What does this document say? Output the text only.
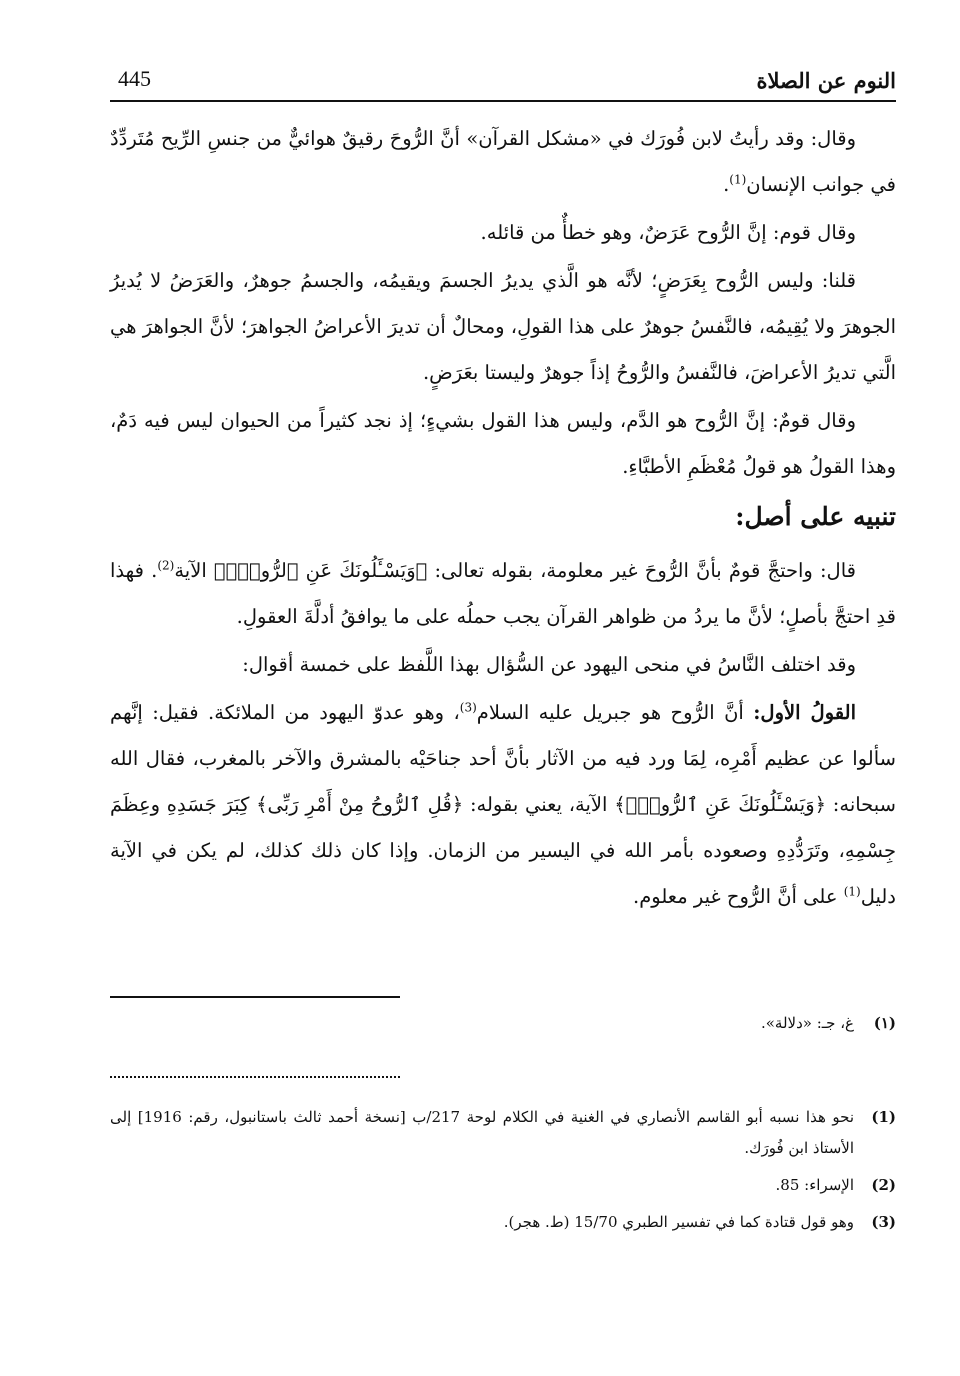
النوم عن الصلاة
445

وقال: وقد رأيتُ لابن فُورَك في «مشكل القرآن» أنَّ الرُّوحَ رقيقٌ هوائيٌّ من جنسِ الرِّيح مُتَردِّدٌ في جوانب الإنسان$^{(1)}$.

وقال قوم: إنَّ الرُّوح عَرَضٌ، وهو خطأٌ من قائله.

قلنا: وليس الرُّوح بِعَرَضٍ؛ لأنَّه هو الَّذي يديرُ الجسمَ ويقيمُه، والجسمُ جوهرٌ، والعَرَضُ لا يُديرُ الجوهرَ ولا يُقِيمُه، فالنَّفسُ جوهرٌ على هذا القولِ، ومحالٌ أن تديرَ الأعراضُ الجواهرَ؛ لأنَّ الجواهرَ هي الَّتي تديرُ الأعراضَ، فالنَّفسُ والرُّوحُ إذاً جوهرٌ وليستا بعَرَضٍ.

وقال قومٌ: إنَّ الرُّوح هو الدَّم، وليس هذا القول بشيءٍ؛ إذ نجد كثيراً من الحيوان ليس فيه دَمٌ، وهذا القولُ هو قولُ مُعْظَمِ الأطبَّاءِ.

تنبيه على أصل:

قال: واحتجَّ قومٌ بأنَّ الرُّوحَ غير معلومة، بقوله تعالى: ﴿وَيَسْـَٔلُونَكَ عَنِ ٱلرُّوحِۖ﴾ الآية$^{(2)}$. فهذا قدِ احتجَّ بأصلٍ؛ لأنَّ ما يردُ من ظواهر القرآن يجب حملُه على ما يوافقُ أدلَّةَ العقولِ.

وقد اختلف النَّاسُ في منحى اليهود عن السُّؤال بهذا اللَّفظ على خمسة أقوال:

القولُ الأول: أنَّ الرُّوح هو جبريل عليه السلام$^{(3)}$، وهو عدوّ اليهود من الملائكة. فقيل: إنَّهم سألوا عن عظيم أَمْرِه، لِمَا ورد فيه من الآثار بأنَّ أحد جناحَيْه بالمشرق والآخر بالمغرب، فقال الله سبحانه: ﴿وَيَسْـَٔلُونَكَ عَنِ ٱلرُّوحِۖ﴾ الآية، يعني بقوله: ﴿قُلِ ٱلرُّوحُ مِنْ أَمْرِ رَبِّى﴾ كِبَرَ جَسَدِهِ وعِظَمَ جِسْمِهِ، وتَرَدُّدِهِ وصعوده بأمر الله في اليسير من الزمان. وإذا كان ذلك كذلك، لم يكن في الآية دليل$^{(1)}$ على أنَّ الرُّوح غير معلوم.

(١)
غ، جـ: «دلالة».
(1)
نحو هذا نسبه أبو القاسم الأنصاري في الغنية في الكلام لوحة 217/ب [نسخة أحمد ثالث باستانبول، رقم: 1916] إلى الأستاذ ابن فُورَك.
(2)
الإسراء: 85.
(3)
وهو قول قتادة كما في تفسير الطبري 15/70 (ط. هجر).
